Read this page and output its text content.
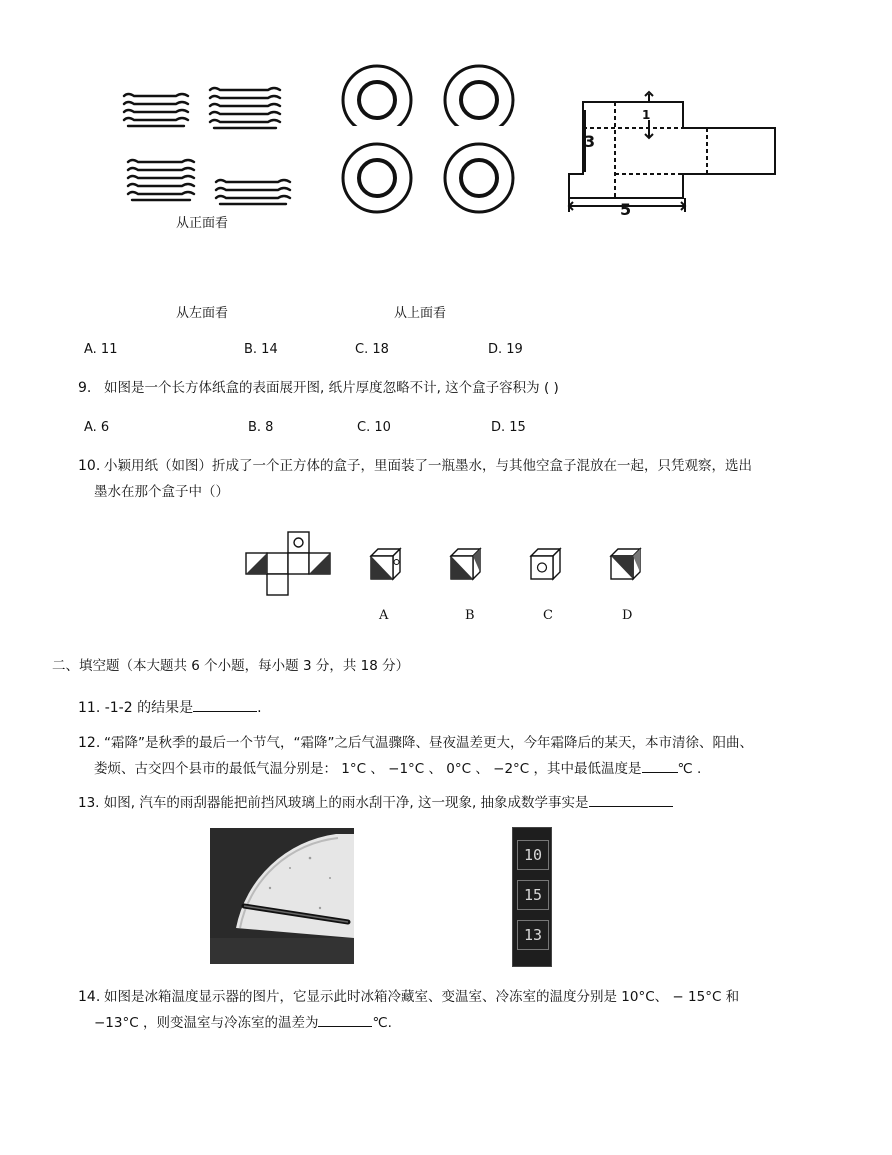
从正面看
3
1
5
从左面看	从上面看
A. 11	B. 14	C. 18	D. 19
9. 如图是一个长方体纸盒的表面展开图, 纸片厚度忽略不计, 这个盒子容积为 ( )
A. 6	B. 8	C. 10	D. 15
10. 小颖用纸（如图）折成了一个正方体的盒子，里面装了一瓶墨水，与其他空盒子混放在一起，只凭观察，选出
墨水在那个盒子中（）
A	B	C	D
二、填空题（本大题共 6 个小题，每小题 3 分，共 18 分）
11. -1-2 的结果是	.
12. “霜降”是秋季的最后一个节气，“霜降”之后气温骤降、昼夜温差更大，今年霜降后的某天，本市清徐、阳曲、
娄烦、古交四个县市的最低气温分别是： 1°C 、 −1°C 、 0°C 、 −2°C ，其中最低温度是	℃ .
13. 如图, 汽车的雨刮器能把前挡风玻璃上的雨水刮干净, 这一现象, 抽象成数学事实是
10
15
13
14. 如图是冰箱温度显示器的图片，它显示此时冰箱冷藏室、变温室、冷冻室的温度分别是 10°C、 − 15°C 和
−13°C ，则变温室与冷冻室的温差为	℃.
